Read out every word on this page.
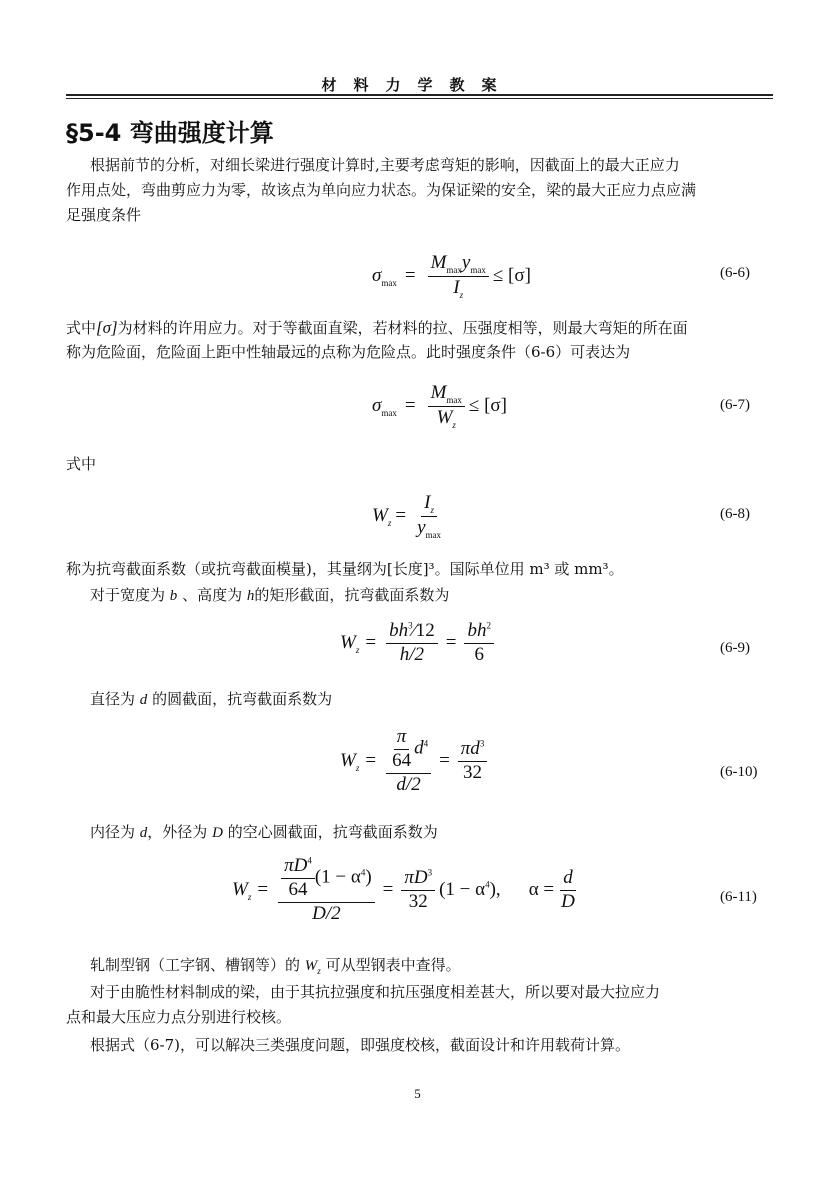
材料力学教案
§5-4 弯曲强度计算
根据前节的分析，对细长梁进行强度计算时,主要考虑弯矩的影响，因截面上的最大正应力
作用点处，弯曲剪应力为零，故该点为单向应力状态。为保证梁的安全，梁的最大正应力点应满
足强度条件
$\sigma_{max} = \frac{M_{max}y_{max}}{I_z} \le [\sigma]$	(6-6)
式中[σ]为材料的许用应力。对于等截面直梁，若材料的拉、压强度相等，则最大弯矩的所在面
称为危险面，危险面上距中性轴最远的点称为危险点。此时强度条件（6-6）可表达为
$\sigma_{max} = \frac{M_{max}}{W_z} \le [\sigma]$	(6-7)
式中
$W_z = \frac{I_z}{y_{max}}$	(6-8)
称为抗弯截面系数（或抗弯截面模量)，其量纲为[长度]³。国际单位用 m³ 或 mm³。
对于宽度为 b 、高度为 h的矩形截面，抗弯截面系数为
$W_z = \frac{bh^3⁄12}{h/2} = \frac{bh^2}{6}$	(6-9)
直径为 d 的圆截面，抗弯截面系数为
$W_z = \frac{\frac{\pi}{64} d^4}{d/2} = \frac{\pi d^3}{32}$	(6-10)
内径为 d，外径为 D 的空心圆截面，抗弯截面系数为
$W_z = \frac{\frac{\pi D^4}{64} (1 - \alpha^4)}{D/2} = \frac{\pi D^3}{32} (1 - \alpha^4)$, $\alpha = \frac{d}{D}$	(6-11)
轧制型钢（工字钢、槽钢等）的 $W_z$ 可从型钢表中查得。
对于由脆性材料制成的梁，由于其抗拉强度和抗压强度相差甚大，所以要对最大拉应力
点和最大压应力点分别进行校核。
根据式（6-7)，可以解决三类强度问题，即强度校核，截面设计和许用载荷计算。
5
